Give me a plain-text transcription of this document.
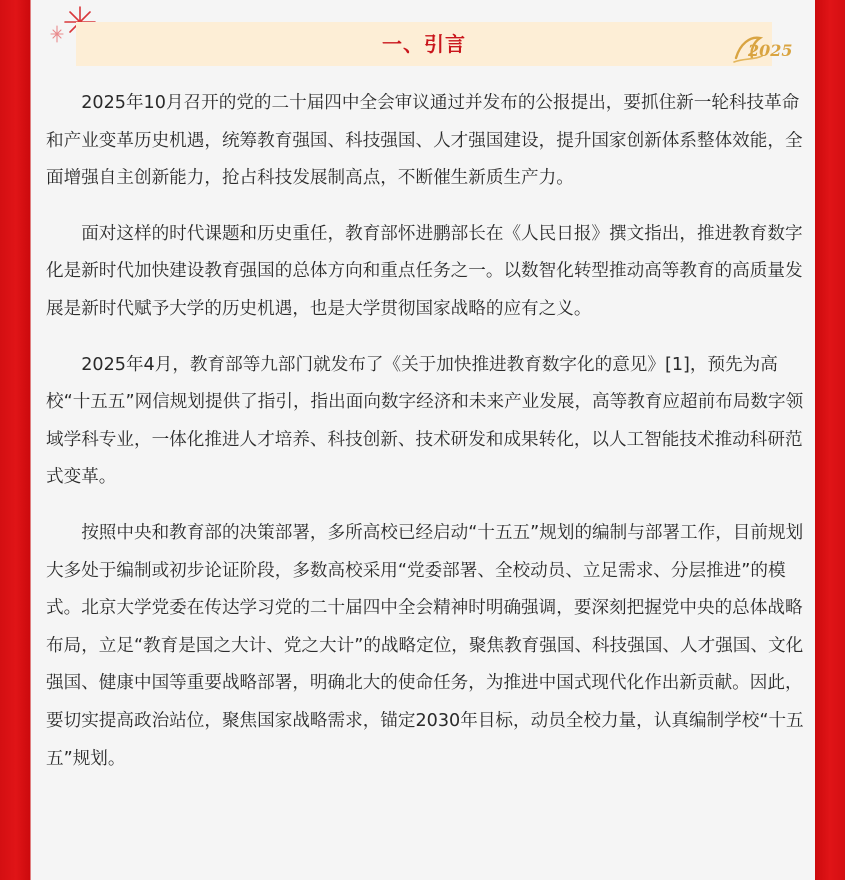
一、引言	2025

2025年10月召开的党的二十届四中全会审议通过并发布的公报提出，要抓住新一轮科技革命和产业变革历史机遇，统筹教育强国、科技强国、人才强国建设，提升国家创新体系整体效能，全面增强自主创新能力，抢占科技发展制高点，不断催生新质生产力。

面对这样的时代课题和历史重任，教育部怀进鹏部长在《人民日报》撰文指出，推进教育数字化是新时代加快建设教育强国的总体方向和重点任务之一。以数智化转型推动高等教育的高质量发展是新时代赋予大学的历史机遇，也是大学贯彻国家战略的应有之义。

2025年4月，教育部等九部门就发布了《关于加快推进教育数字化的意见》[1]，预先为高校“十五五”网信规划提供了指引，指出面向数字经济和未来产业发展，高等教育应超前布局数字领域学科专业，一体化推进人才培养、科技创新、技术研发和成果转化，以人工智能技术推动科研范式变革。

按照中央和教育部的决策部署，多所高校已经启动“十五五”规划的编制与部署工作，目前规划大多处于编制或初步论证阶段，多数高校采用“党委部署、全校动员、立足需求、分层推进”的模式。北京大学党委在传达学习党的二十届四中全会精神时明确强调，要深刻把握党中央的总体战略布局，立足“教育是国之大计、党之大计”的战略定位，聚焦教育强国、科技强国、人才强国、文化强国、健康中国等重要战略部署，明确北大的使命任务，为推进中国式现代化作出新贡献。因此，要切实提高政治站位，聚焦国家战略需求，锚定2030年目标，动员全校力量，认真编制学校“十五五”规划。
